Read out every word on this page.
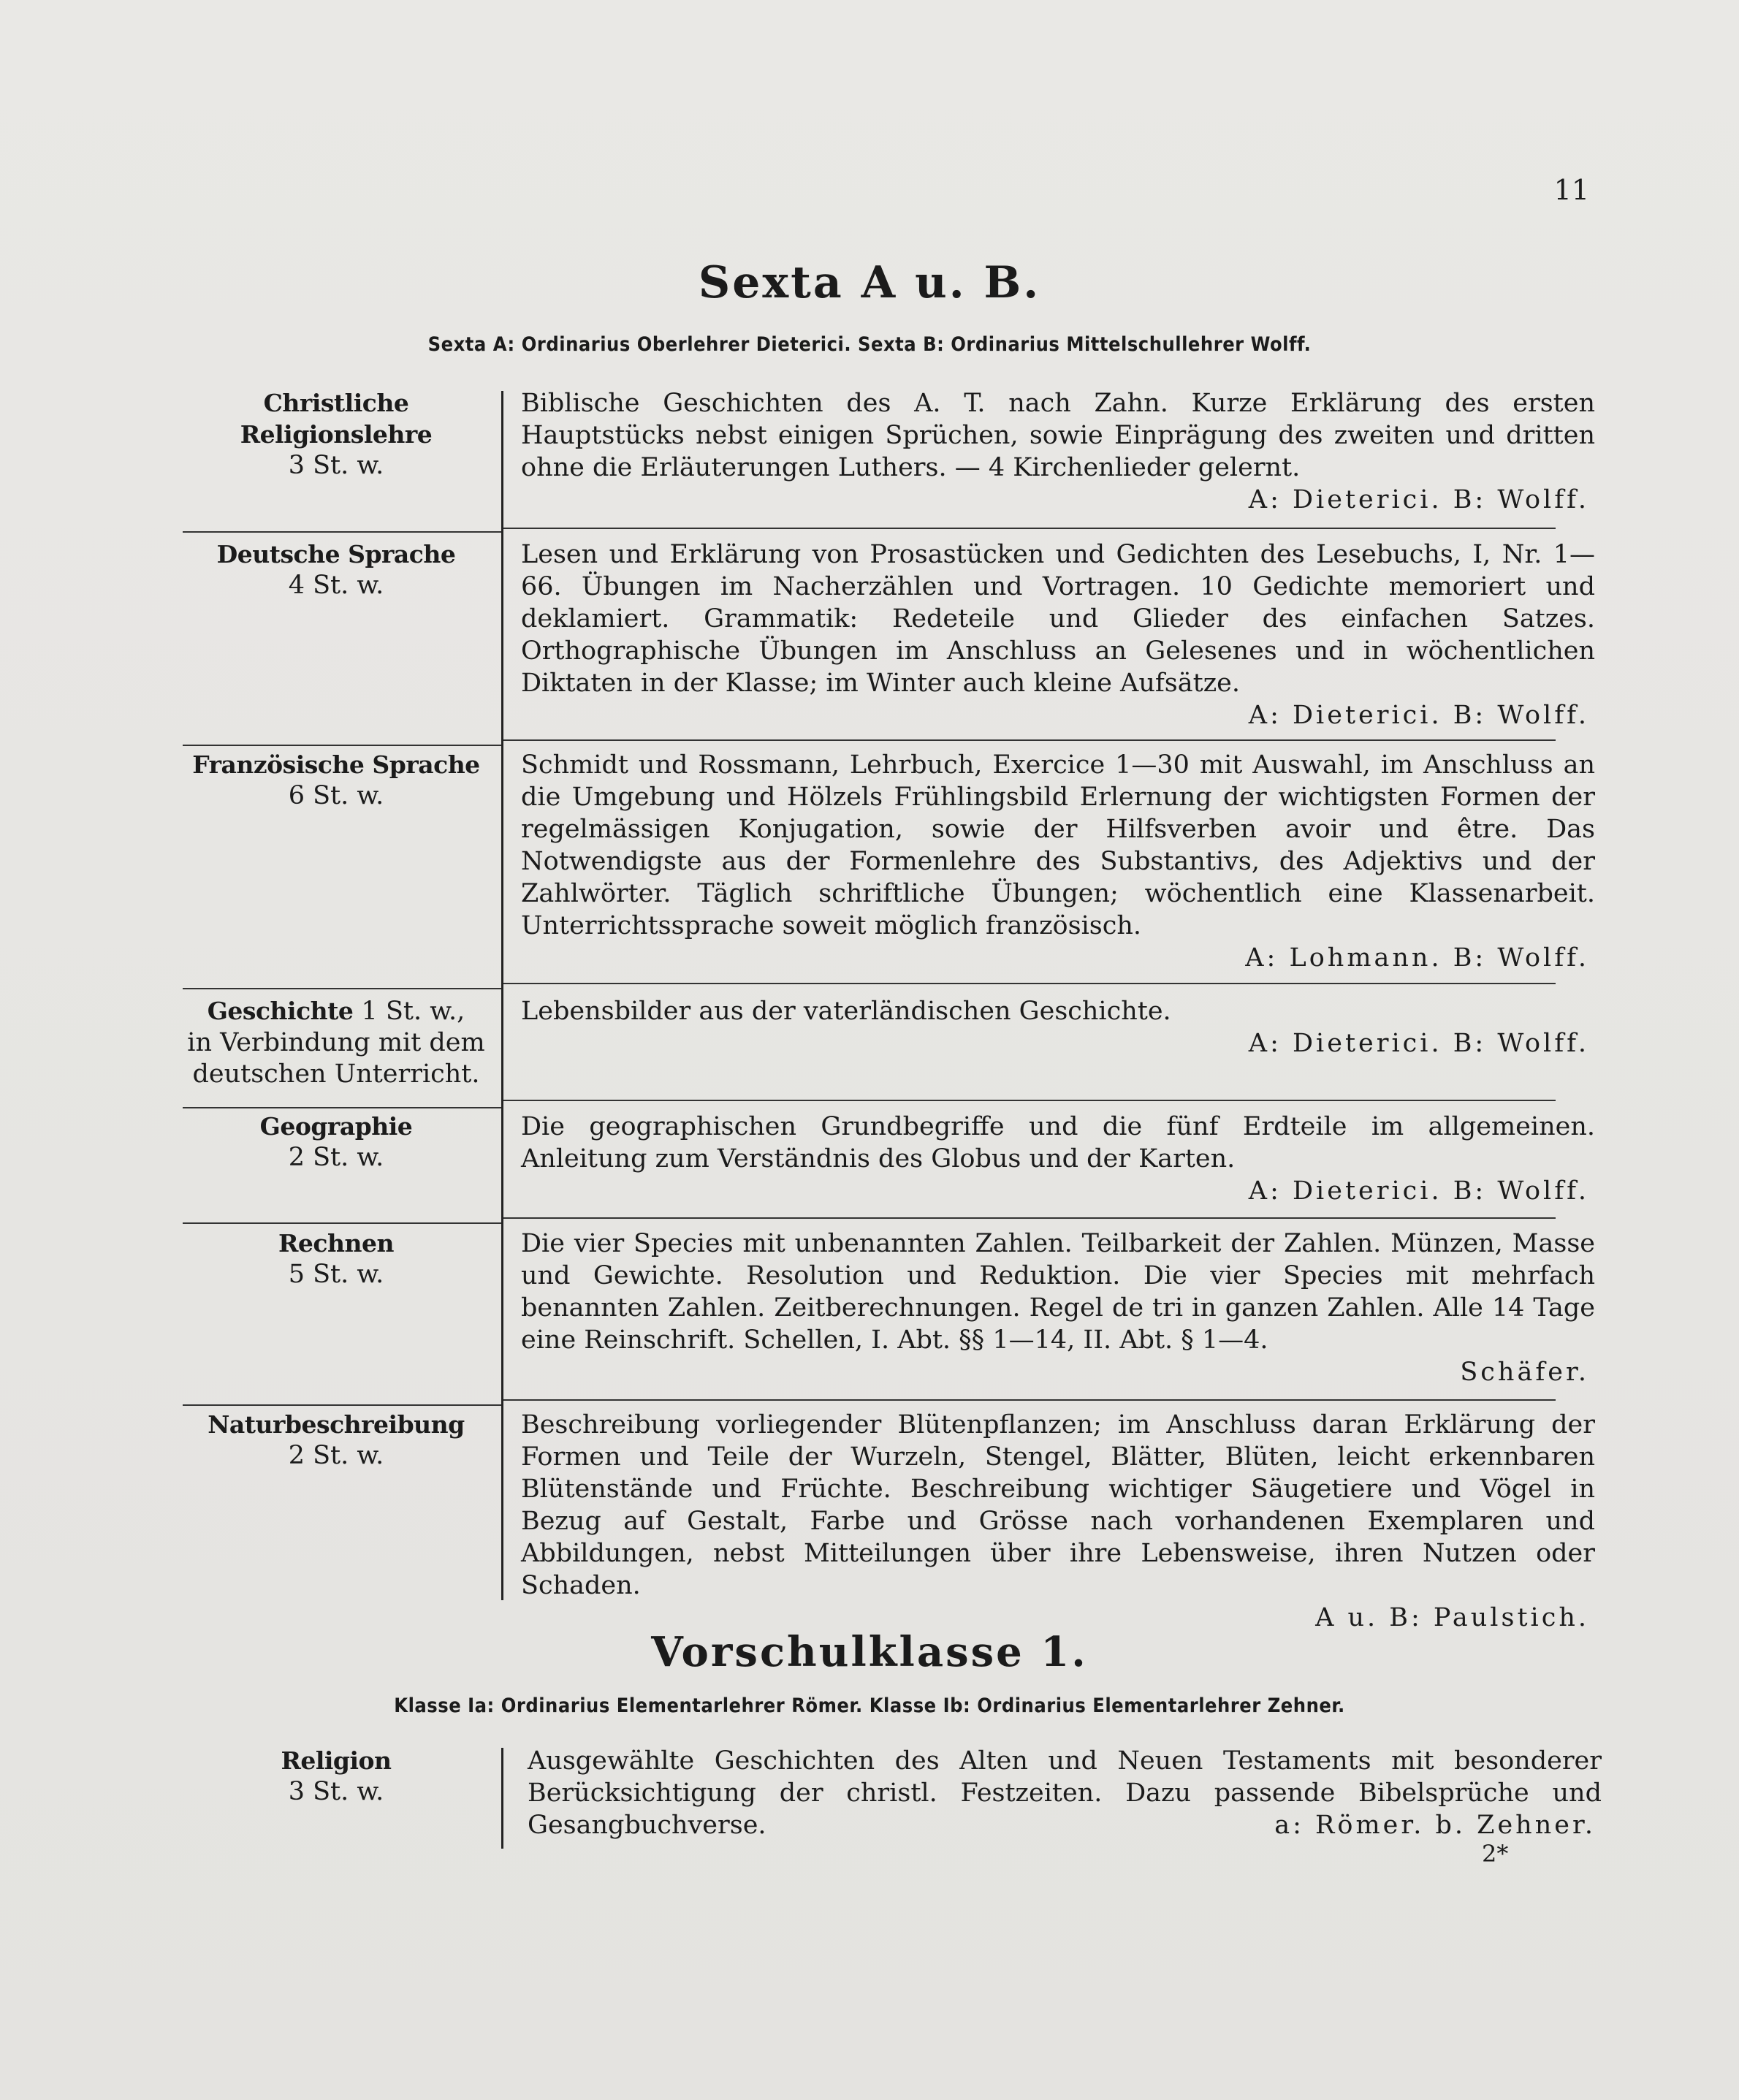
11

Sexta A u. B.

Sexta A: Ordinarius Oberlehrer Dieterici. Sexta B: Ordinarius Mittelschullehrer Wolff.

Christliche Religionslehre
3 St. w.
Biblische Geschichten des A. T. nach Zahn. Kurze Erklärung des ersten Hauptstücks nebst einigen Sprüchen, sowie Einprägung des zweiten und dritten ohne die Erläuterungen Luthers. — 4 Kirchenlieder gelernt.
A: Dieterici. B: Wolff.
Deutsche Sprache
4 St. w.
Lesen und Erklärung von Prosastücken und Gedichten des Lesebuchs, I, Nr. 1—66. Übungen im Nacherzählen und Vortragen. 10 Gedichte memoriert und deklamiert. Grammatik: Redeteile und Glieder des einfachen Satzes. Orthographische Übungen im Anschluss an Gelesenes und in wöchentlichen Diktaten in der Klasse; im Winter auch kleine Aufsätze.
A: Dieterici. B: Wolff.
Französische Sprache
6 St. w.
Schmidt und Rossmann, Lehrbuch, Exercice 1—30 mit Auswahl, im Anschluss an die Umgebung und Hölzels Frühlingsbild Erlernung der wichtigsten Formen der regelmässigen Konjugation, sowie der Hilfsverben avoir und être. Das Notwendigste aus der Formenlehre des Substantivs, des Adjektivs und der Zahlwörter. Täglich schriftliche Übungen; wöchentlich eine Klassenarbeit. Unterrichtssprache soweit möglich französisch.
A: Lohmann. B: Wolff.
Geschichte 1 St. w.,
in Verbindung mit dem deutschen Unterricht.
Lebensbilder aus der vaterländischen Geschichte.
A: Dieterici. B: Wolff.
Geographie
2 St. w.
Die geographischen Grundbegriffe und die fünf Erdteile im allgemeinen. Anleitung zum Verständnis des Globus und der Karten.
A: Dieterici. B: Wolff.
Rechnen
5 St. w.
Die vier Species mit unbenannten Zahlen. Teilbarkeit der Zahlen. Münzen, Masse und Gewichte. Resolution und Reduktion. Die vier Species mit mehrfach benannten Zahlen. Zeitberechnungen. Regel de tri in ganzen Zahlen. Alle 14 Tage eine Reinschrift. Schellen, I. Abt. §§ 1—14, II. Abt. § 1—4.
Schäfer.
Naturbeschreibung
2 St. w.
Beschreibung vorliegender Blütenpflanzen; im Anschluss daran Erklärung der Formen und Teile der Wurzeln, Stengel, Blätter, Blüten, leicht erkennbaren Blütenstände und Früchte. Beschreibung wichtiger Säugetiere und Vögel in Bezug auf Gestalt, Farbe und Grösse nach vorhandenen Exemplaren und Abbildungen, nebst Mitteilungen über ihre Lebensweise, ihren Nutzen oder Schaden.
A u. B: Paulstich.
Vorschulklasse 1.

Klasse Ia: Ordinarius Elementarlehrer Römer. Klasse Ib: Ordinarius Elementarlehrer Zehner.

Religion
3 St. w.
Ausgewählte Geschichten des Alten und Neuen Testaments mit besonderer Berücksichtigung der christl. Festzeiten. Dazu passende Bibelsprüche und Gesangbuchverse.	a: Römer. b. Zehner.

2*
